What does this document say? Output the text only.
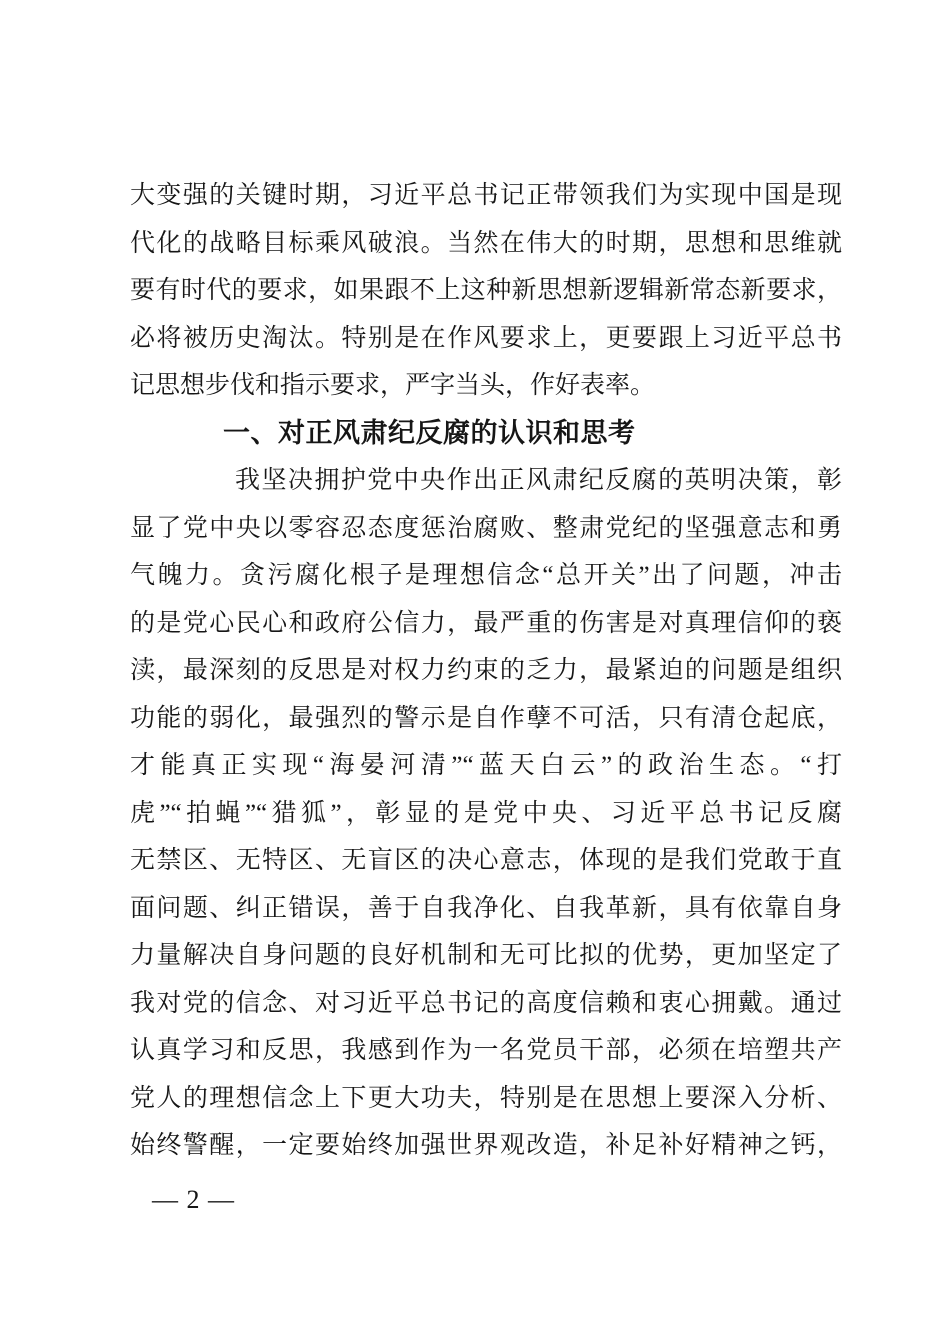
大变强的关键时期，习近平总书记正带领我们为实现中国是现
代化的战略目标乘风破浪。当然在伟大的时期，思想和思维就
要有时代的要求，如果跟不上这种新思想新逻辑新常态新要求，
必将被历史淘汰。特别是在作风要求上，更要跟上习近平总书
记思想步伐和指示要求，严字当头，作好表率。
一、对正风肃纪反腐的认识和思考
我坚决拥护党中央作出正风肃纪反腐的英明决策，彰
显了党中央以零容忍态度惩治腐败、整肃党纪的坚强意志和勇
气魄力。贪污腐化根子是理想信念“总开关”出了问题，冲击
的是党心民心和政府公信力，最严重的伤害是对真理信仰的亵
渎，最深刻的反思是对权力约束的乏力，最紧迫的问题是组织
功能的弱化，最强烈的警示是自作孽不可活，只有清仓起底，
才能真正实现“海晏河清”“蓝天白云”的政治生态。“打
虎”“拍蝇”“猎狐”，彰显的是党中央、习近平总书记反腐
无禁区、无特区、无盲区的决心意志，体现的是我们党敢于直
面问题、纠正错误，善于自我净化、自我革新，具有依靠自身
力量解决自身问题的良好机制和无可比拟的优势，更加坚定了
我对党的信念、对习近平总书记的高度信赖和衷心拥戴。通过
认真学习和反思，我感到作为一名党员干部，必须在培塑共产
党人的理想信念上下更大功夫，特别是在思想上要深入分析、
始终警醒，一定要始终加强世界观改造，补足补好精神之钙，
— 2 —
